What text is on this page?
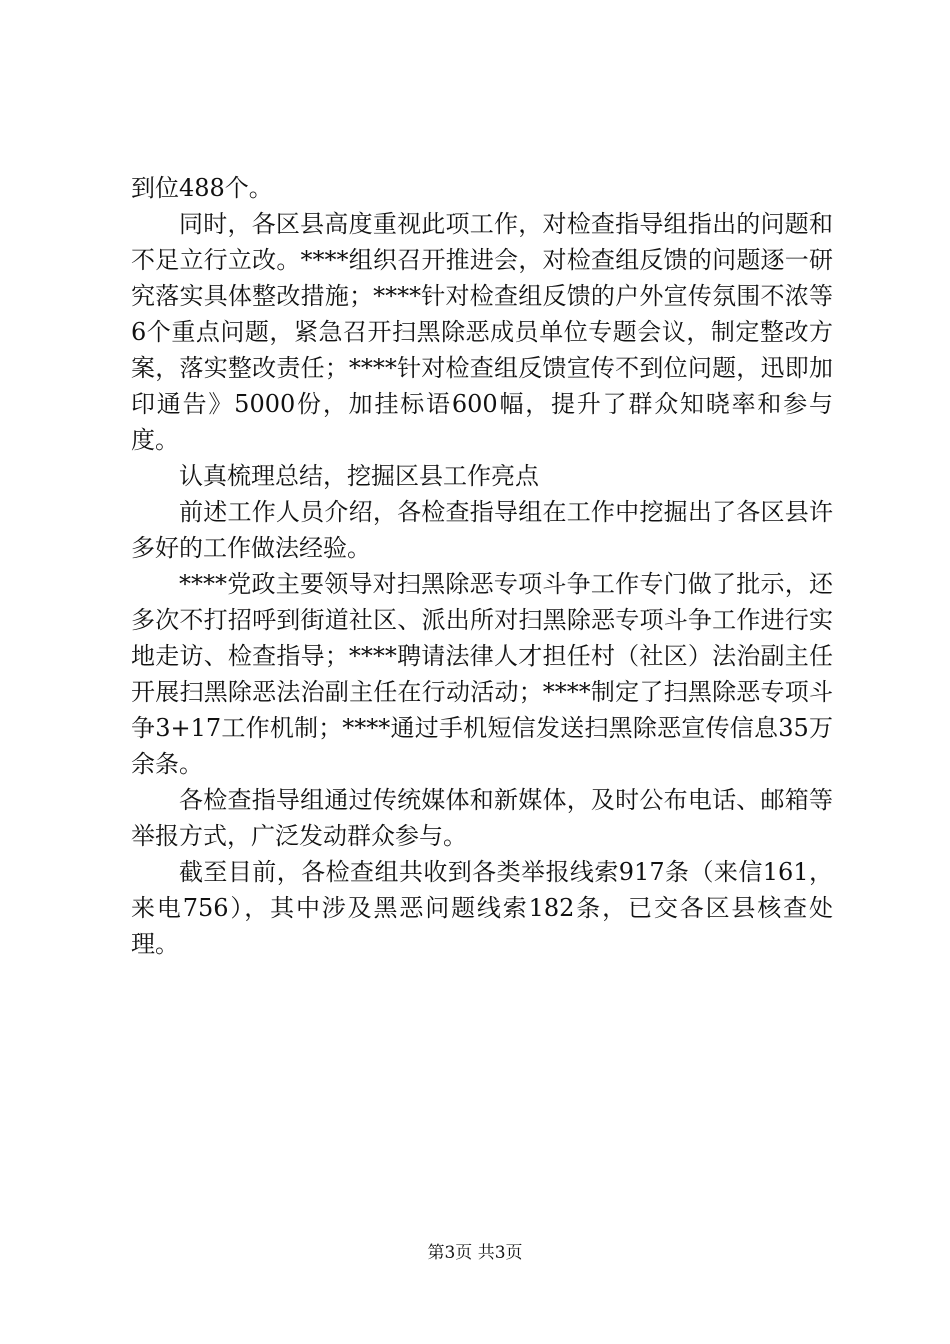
到位488个。

同时，各区县高度重视此项工作，对检查指导组指出的问题和不足立行立改。****组织召开推进会，对检查组反馈的问题逐一研究落实具体整改措施；****针对检查组反馈的户外宣传氛围不浓等6个重点问题，紧急召开扫黑除恶成员单位专题会议，制定整改方案，落实整改责任；****针对检查组反馈宣传不到位问题，迅即加印通告》5000份，加挂标语600幅，提升了群众知晓率和参与度。

认真梳理总结，挖掘区县工作亮点

前述工作人员介绍，各检查指导组在工作中挖掘出了各区县许多好的工作做法经验。

****党政主要领导对扫黑除恶专项斗争工作专门做了批示，还多次不打招呼到街道社区、派出所对扫黑除恶专项斗争工作进行实地走访、检查指导；****聘请法律人才担任村（社区）法治副主任开展扫黑除恶法治副主任在行动活动；****制定了扫黑除恶专项斗争3+17工作机制；****通过手机短信发送扫黑除恶宣传信息35万余条。

各检查指导组通过传统媒体和新媒体，及时公布电话、邮箱等举报方式，广泛发动群众参与。

截至目前，各检查组共收到各类举报线索917条（来信161，来电756），其中涉及黑恶问题线索182条，已交各区县核查处理。

第3页 共3页
